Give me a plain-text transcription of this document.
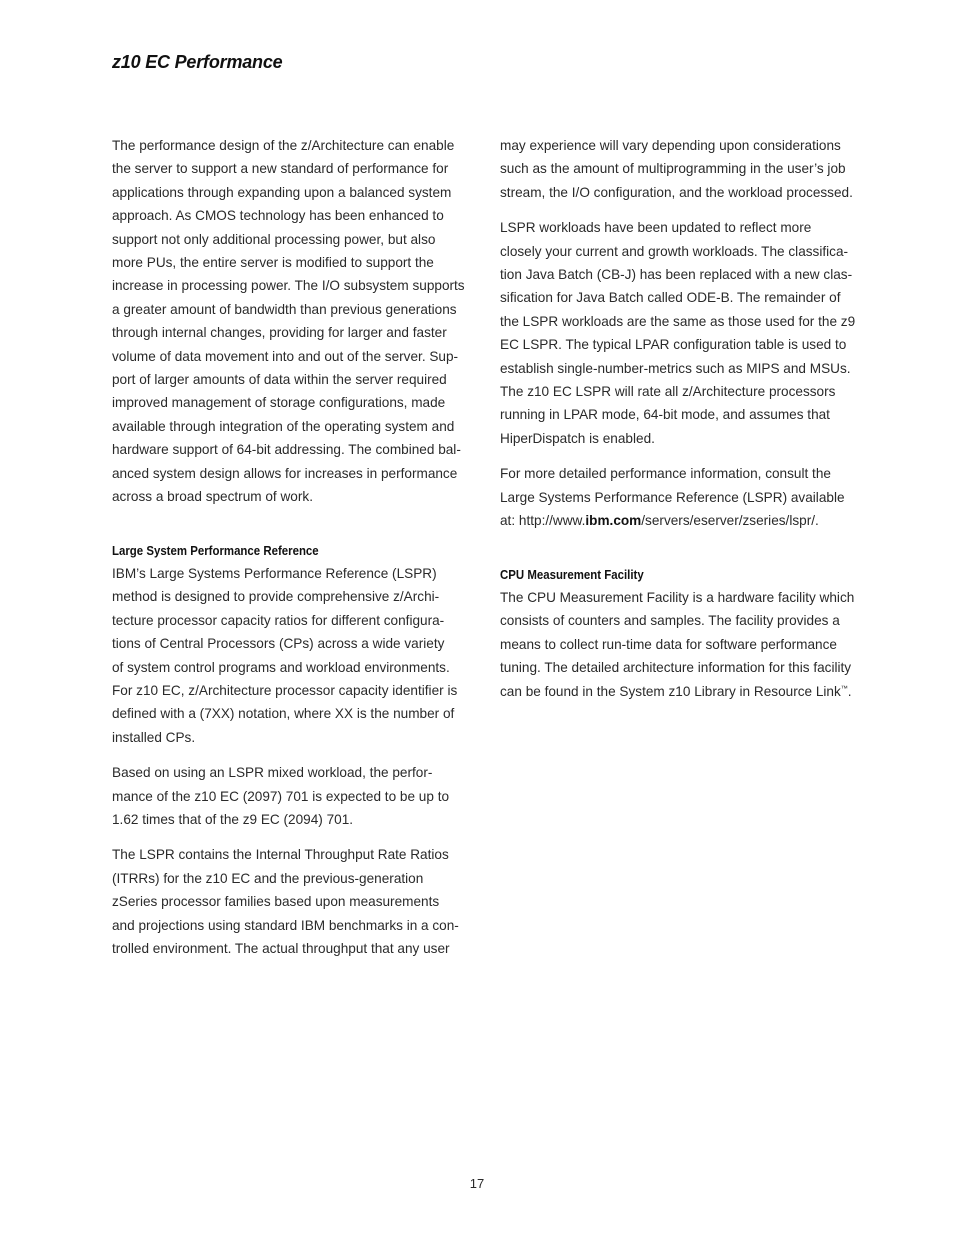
z10 EC Performance

The performance design of the z/Architecture can enable
the server to support a new standard of performance for
applications through expanding upon a balanced system
approach. As CMOS technology has been enhanced to
support not only additional processing power, but also
more PUs, the entire server is modified to support the
increase in processing power. The I/O subsystem supports
a greater amount of bandwidth than previous generations
through internal changes, providing for larger and faster
volume of data movement into and out of the server. Sup-
port of larger amounts of data within the server required
improved management of storage configurations, made
available through integration of the operating system and
hardware support of 64-bit addressing. The combined bal-
anced system design allows for increases in performance
across a broad spectrum of work.

Large System Performance Reference

IBM’s Large Systems Performance Reference (LSPR)
method is designed to provide comprehensive z/Archi-
tecture processor capacity ratios for different configura-
tions of Central Processors (CPs) across a wide variety
of system control programs and workload environments.
For z10 EC, z/Architecture processor capacity identifier is
defined with a (7XX) notation, where XX is the number of
installed CPs.

Based on using an LSPR mixed workload, the perfor-
mance of the z10 EC (2097) 701 is expected to be up to
1.62 times that of the z9 EC (2094) 701.

The LSPR contains the Internal Throughput Rate Ratios
(ITRRs) for the z10 EC and the previous-generation
zSeries processor families based upon measurements
and projections using standard IBM benchmarks in a con-
trolled environment. The actual throughput that any user

may experience will vary depending upon considerations
such as the amount of multiprogramming in the user’s job
stream, the I/O configuration, and the workload processed.

LSPR workloads have been updated to reflect more
closely your current and growth workloads. The classifica-
tion Java Batch (CB-J) has been replaced with a new clas-
sification for Java Batch called ODE-B. The remainder of
the LSPR workloads are the same as those used for the z9
EC LSPR. The typical LPAR configuration table is used to
establish single-number-metrics such as MIPS and MSUs.
The z10 EC LSPR will rate all z/Architecture processors
running in LPAR mode, 64-bit mode, and assumes that
HiperDispatch is enabled.

For more detailed performance information, consult the
Large Systems Performance Reference (LSPR) available
at: http://www.ibm.com/servers/eserver/zseries/lspr/.

CPU Measurement Facility

The CPU Measurement Facility is a hardware facility which
consists of counters and samples. The facility provides a
means to collect run-time data for software performance
tuning. The detailed architecture information for this facility
can be found in the System z10 Library in Resource Link™.

17
